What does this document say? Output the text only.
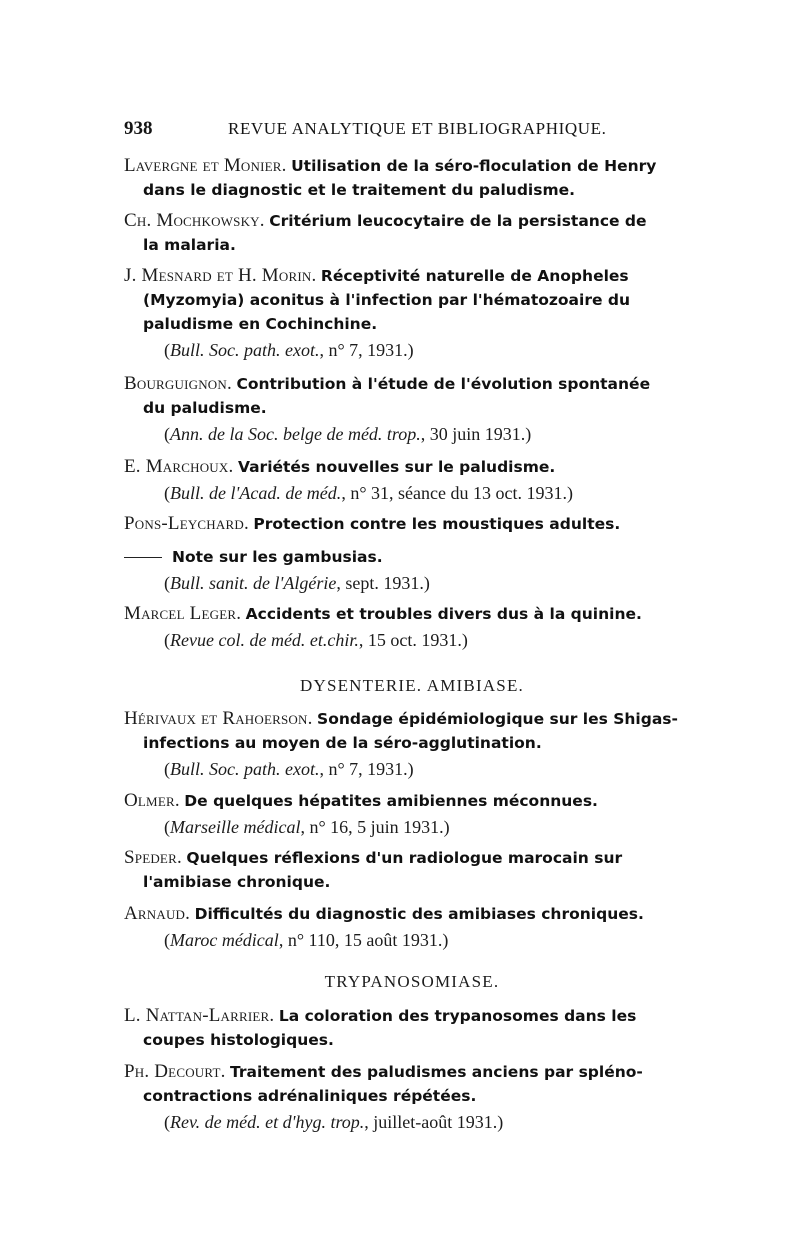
938	REVUE ANALYTIQUE ET BIBLIOGRAPHIQUE.
Lavergne et Monier. Utilisation de la séro-floculation de Henry
dans le diagnostic et le traitement du paludisme.
Ch. Mochkowsky. Critérium leucocytaire de la persistance de
la malaria.
J. Mesnard et H. Morin. Réceptivité naturelle de Anopheles
(Myzomyia) aconitus à l'infection par l'hématozoaire du
paludisme en Cochinchine.
(Bull. Soc. path. exot., n° 7, 1931.)
Bourguignon. Contribution à l'étude de l'évolution spontanée
du paludisme.
(Ann. de la Soc. belge de méd. trop., 30 juin 1931.)
E. Marchoux. Variétés nouvelles sur le paludisme.
(Bull. de l'Acad. de méd., n° 31, séance du 13 oct. 1931.)
Pons-Leychard. Protection contre les moustiques adultes.
Note sur les gambusias.
(Bull. sanit. de l'Algérie, sept. 1931.)
Marcel Leger. Accidents et troubles divers dus à la quinine.
(Revue col. de méd. et.chir., 15 oct. 1931.)
DYSENTERIE. AMIBIASE.
Hérivaux et Rahoerson. Sondage épidémiologique sur les Shigas-
infections au moyen de la séro-agglutination.
(Bull. Soc. path. exot., n° 7, 1931.)
Olmer. De quelques hépatites amibiennes méconnues.
(Marseille médical, n° 16, 5 juin 1931.)
Speder. Quelques réflexions d'un radiologue marocain sur
l'amibiase chronique.
Arnaud. Difficultés du diagnostic des amibiases chroniques.
(Maroc médical, n° 110, 15 août 1931.)
TRYPANOSOMIASE.
L. Nattan-Larrier. La coloration des trypanosomes dans les
coupes histologiques.
Ph. Decourt. Traitement des paludismes anciens par spléno-
contractions adrénaliniques répétées.
(Rev. de méd. et d'hyg. trop., juillet-août 1931.)
